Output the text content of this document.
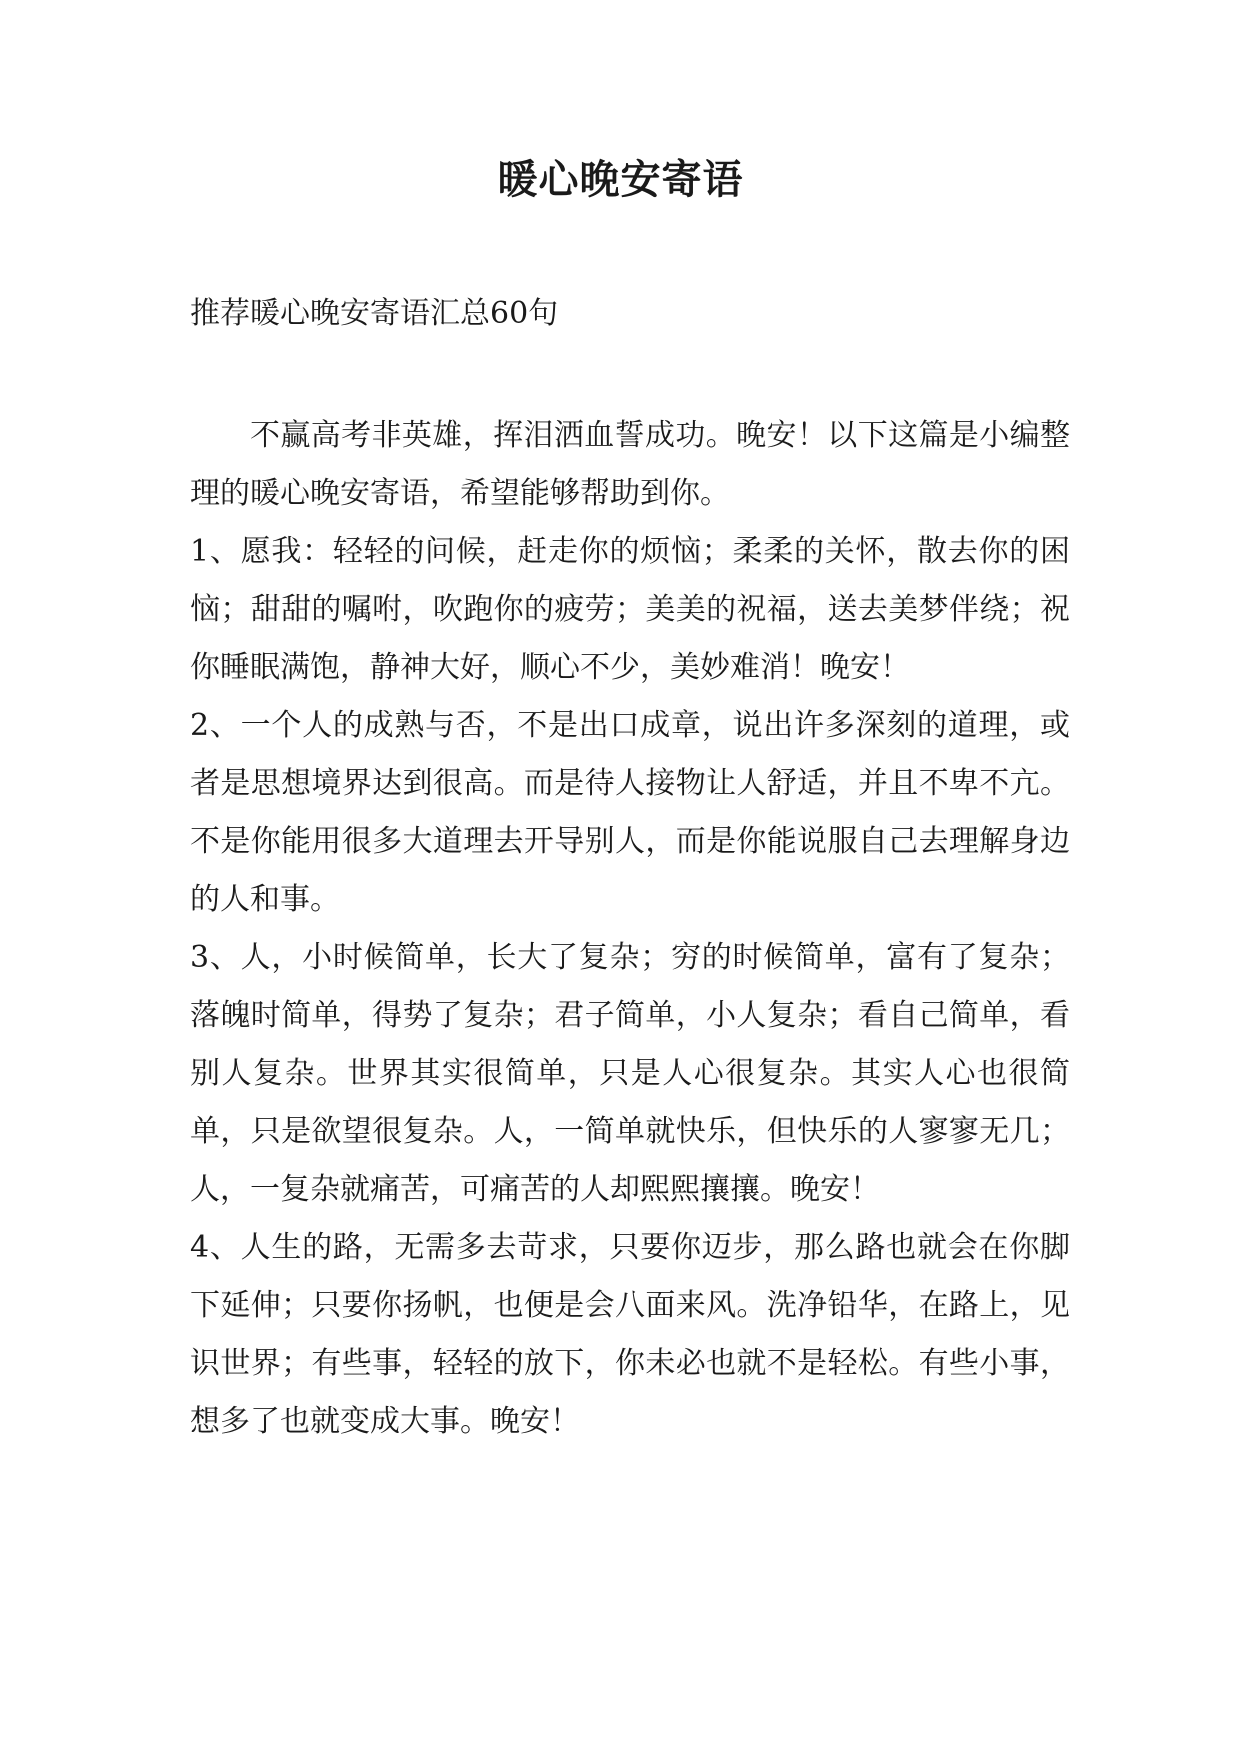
暖心晚安寄语

推荐暖心晚安寄语汇总60句

不赢高考非英雄，挥泪洒血誓成功。晚安！以下这篇是小编整理的暖心晚安寄语，希望能够帮助到你。

1、愿我：轻轻的问候，赶走你的烦恼；柔柔的关怀，散去你的困恼；甜甜的嘱咐，吹跑你的疲劳；美美的祝福，送去美梦伴绕；祝你睡眠满饱，静神大好，顺心不少，美妙难消！晚安！

2、一个人的成熟与否，不是出口成章，说出许多深刻的道理，或者是思想境界达到很高。而是待人接物让人舒适，并且不卑不亢。不是你能用很多大道理去开导别人，而是你能说服自己去理解身边的人和事。

3、人，小时候简单，长大了复杂；穷的时候简单，富有了复杂；落魄时简单，得势了复杂；君子简单，小人复杂；看自己简单，看别人复杂。世界其实很简单，只是人心很复杂。其实人心也很简单，只是欲望很复杂。人，一简单就快乐，但快乐的人寥寥无几；人，一复杂就痛苦，可痛苦的人却熙熙攘攘。晚安！

4、人生的路，无需多去苛求，只要你迈步，那么路也就会在你脚下延伸；只要你扬帆，也便是会八面来风。洗净铅华，在路上，见识世界；有些事，轻轻的放下，你未必也就不是轻松。有些小事，想多了也就变成大事。晚安！
